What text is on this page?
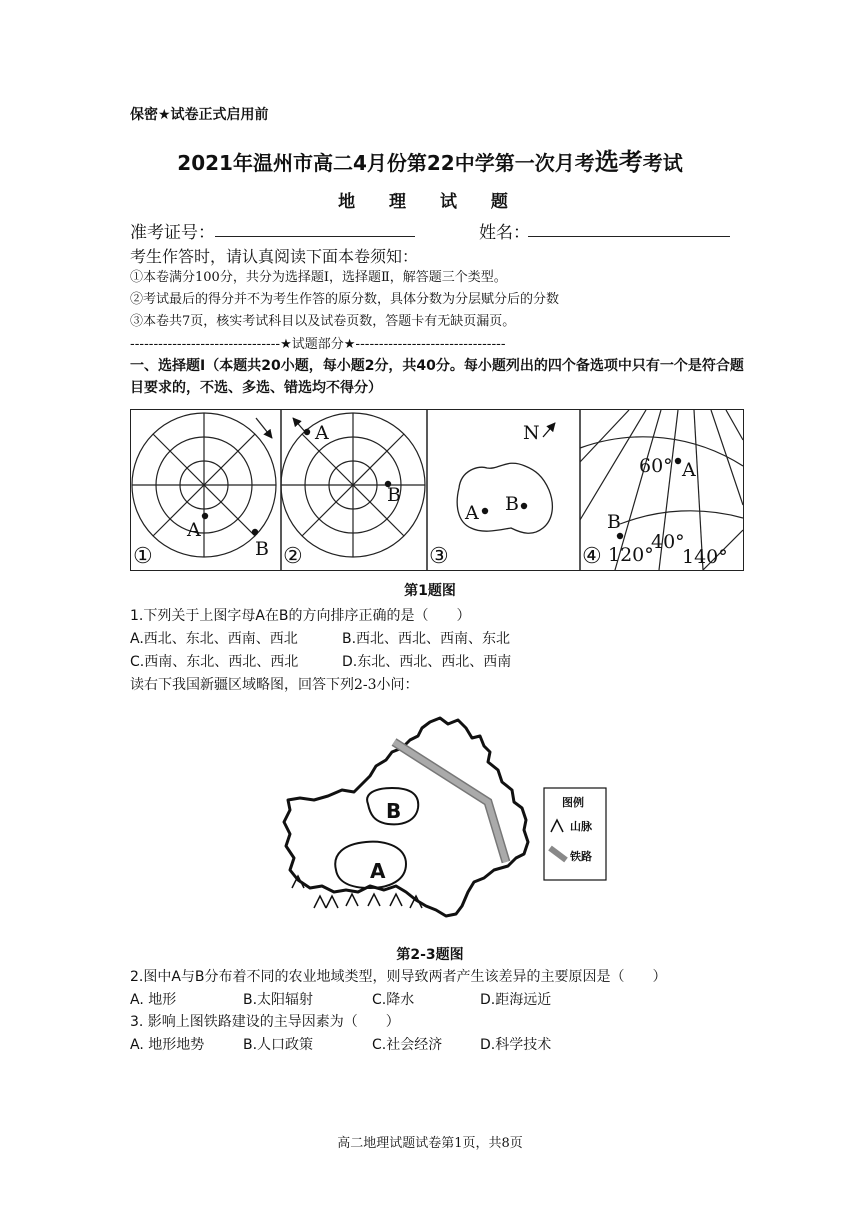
保密★试卷正式启用前
2021年温州市高二4月份第22中学第一次月考选考考试
地 理 试 题
准考证号：	姓名：
考生作答时，请认真阅读下面本卷须知：
①本卷满分100分，共分为选择题Ⅰ，选择题Ⅱ，解答题三个类型。
②考试最后的得分并不为考生作答的原分数，具体分数为分层赋分后的分数
③本卷共7页，核实考试科目以及试卷页数，答题卡有无缺页漏页。
--------------------------------★试题部分★--------------------------------
一、选择题Ⅰ（本题共20小题，每小题2分，共40分。每小题列出的四个备选项中只有一个是符合题目要求的，不选、多选、错选均不得分）
A
B
①
A
B
②
N
A B
③
60° A
B
40°
120° 140°
④
第1题图
1.下列关于上图字母A在B的方向排序正确的是（　　）
A.西北、东北、西南、西北	B.西北、西北、西南、东北
C.西南、东北、西北、西北	D.东北、西北、西北、西南
读右下我国新疆区域略图，回答下列2-3小问：
B
A
图例
山脉
铁路
第2-3题图
2.图中A与B分布着不同的农业地域类型，则导致两者产生该差异的主要原因是（　　）
A. 地形	B.太阳辐射	C.降水	D.距海远近
3. 影响上图铁路建设的主导因素为（　　）
A. 地形地势	B.人口政策	C.社会经济	D.科学技术
高二地理试题试卷第1页，共8页
